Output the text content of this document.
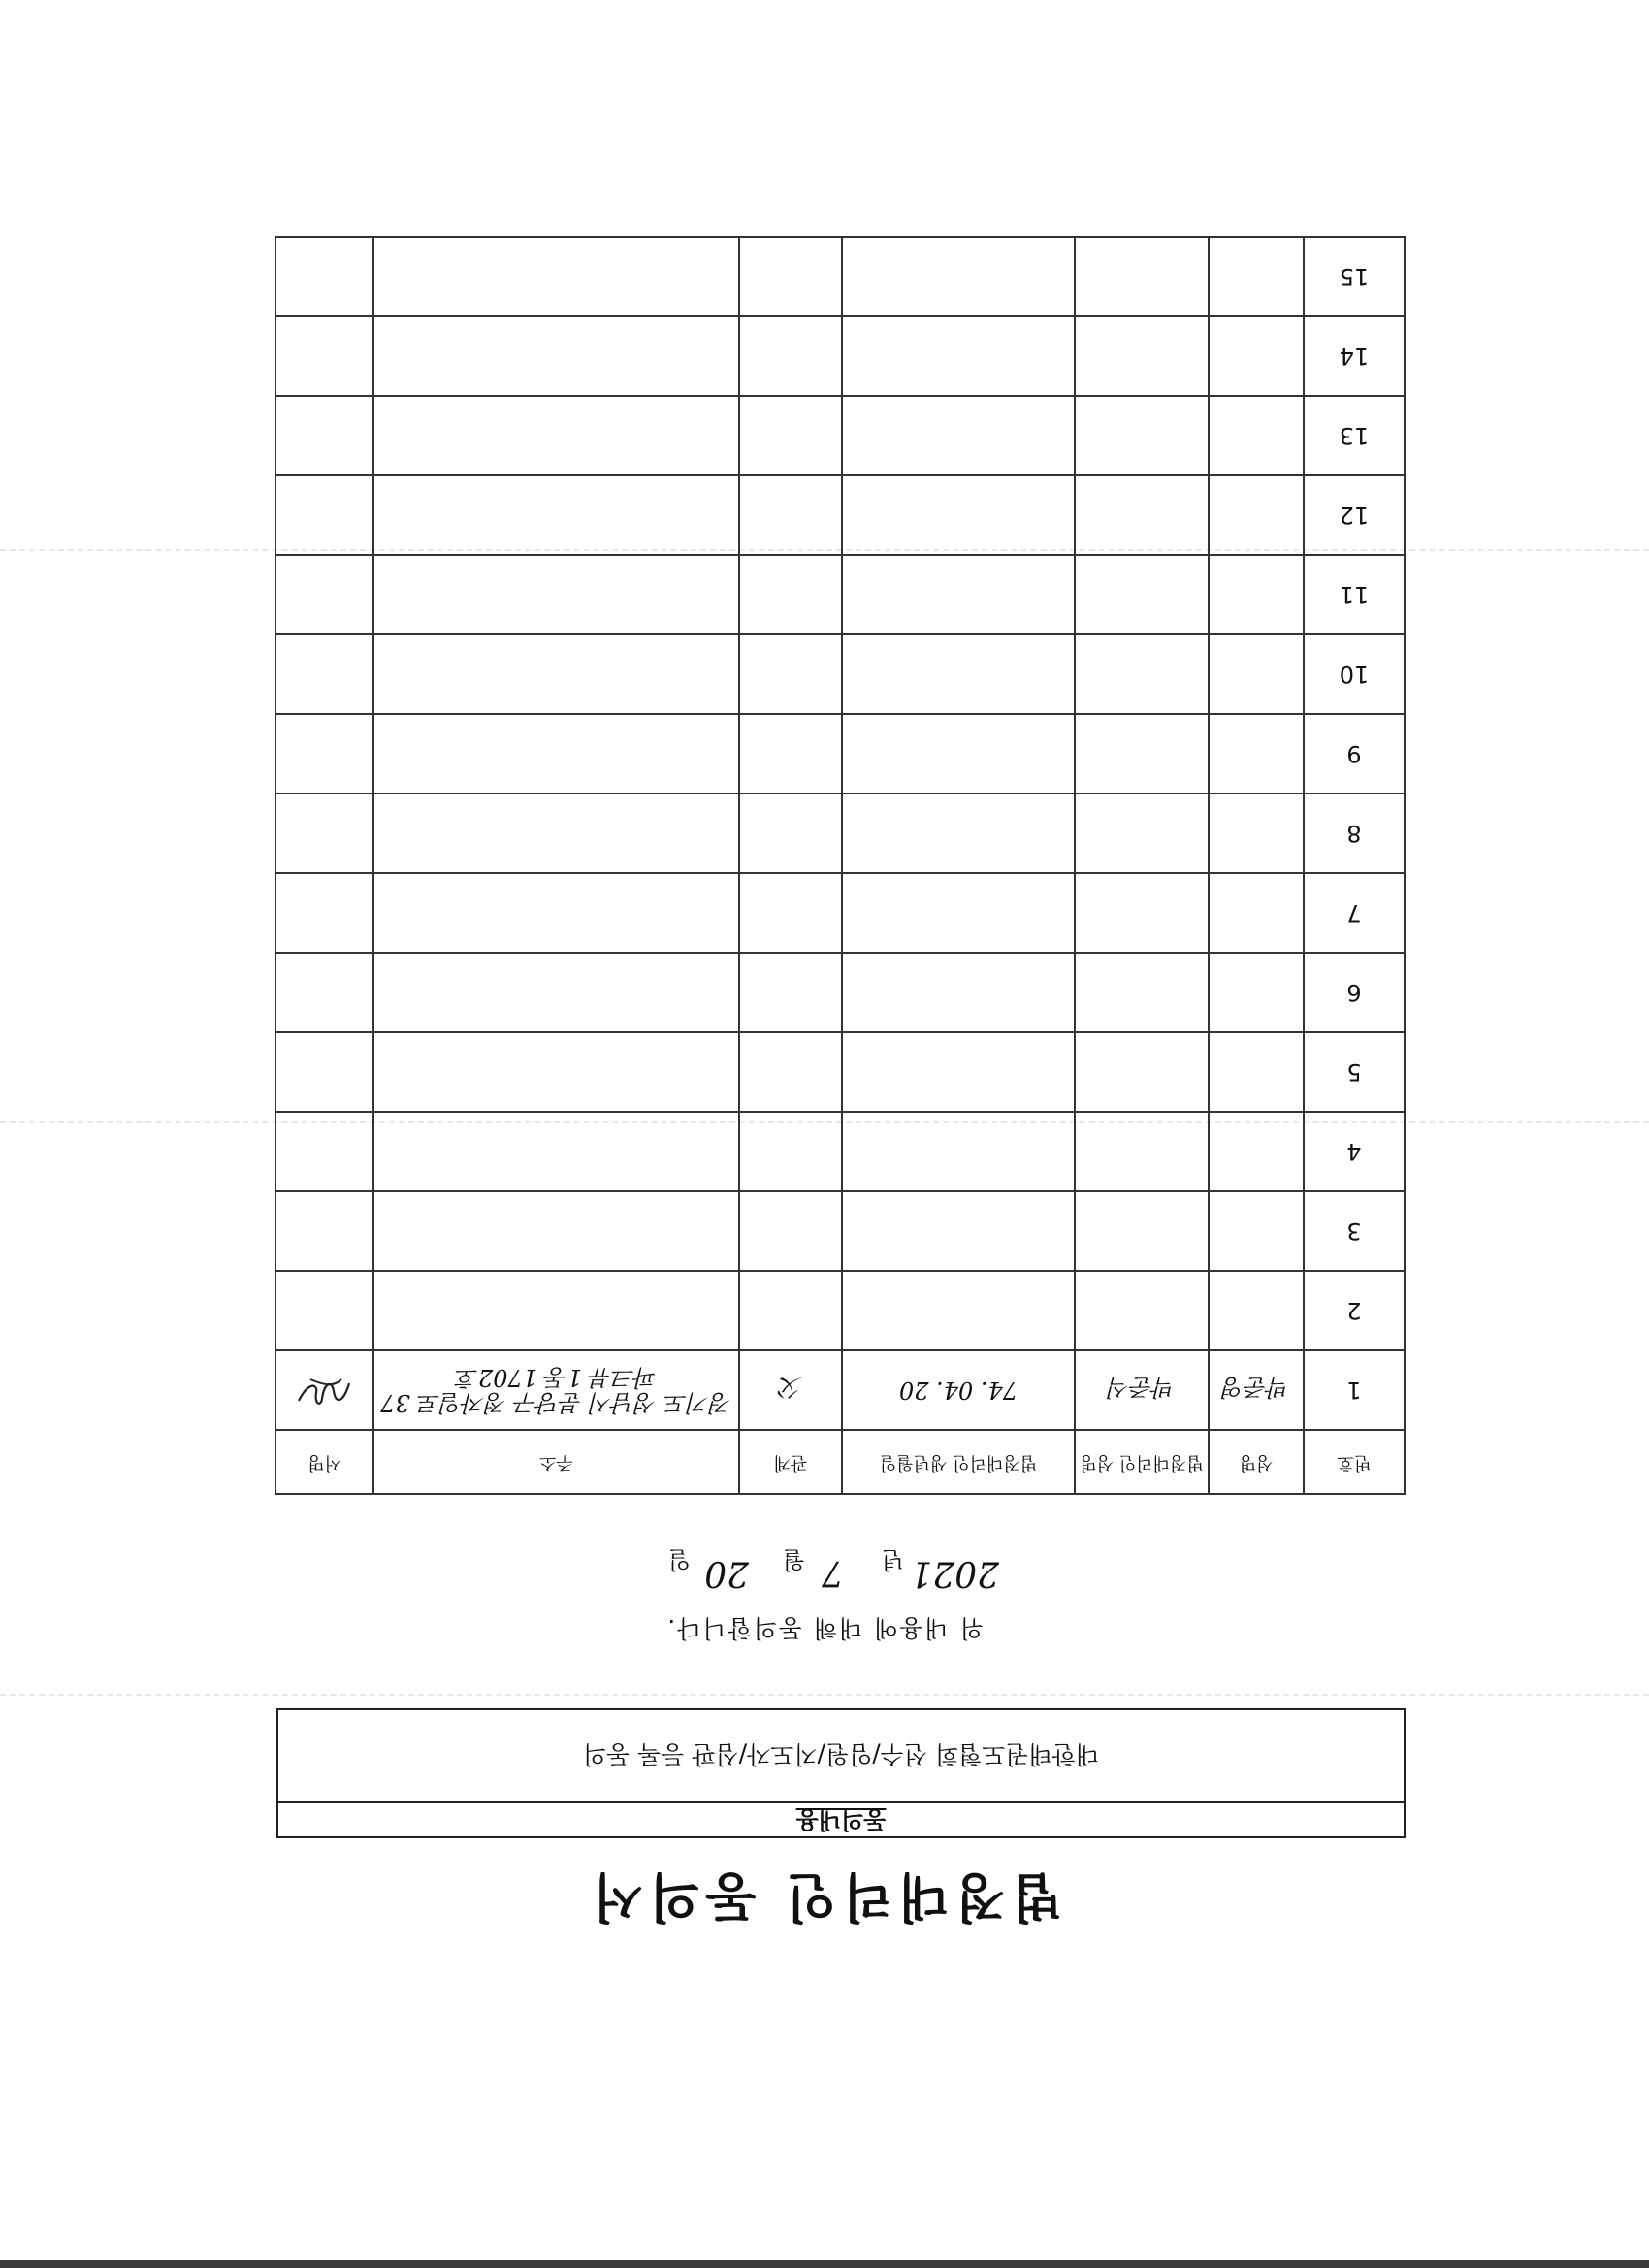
법정대리인 동의서
동의내용
대한태권도협회 선수/임원/지도자/심판 등록 동의
위 내용에 대해 동의합니다.
2021
년
7
월
20
일
번호	성명	법정대리인 성명	법정대리인 생년월일	관계	주소	서명
1	박준영	박준식	74. 04. 20	父	경기도 성남시 분당구 정자일로 37 파크뷰 1동 1702호	
2						
3						
4						
5						
6						
7						
8						
9						
10						
11						
12						
13						
14						
15						
